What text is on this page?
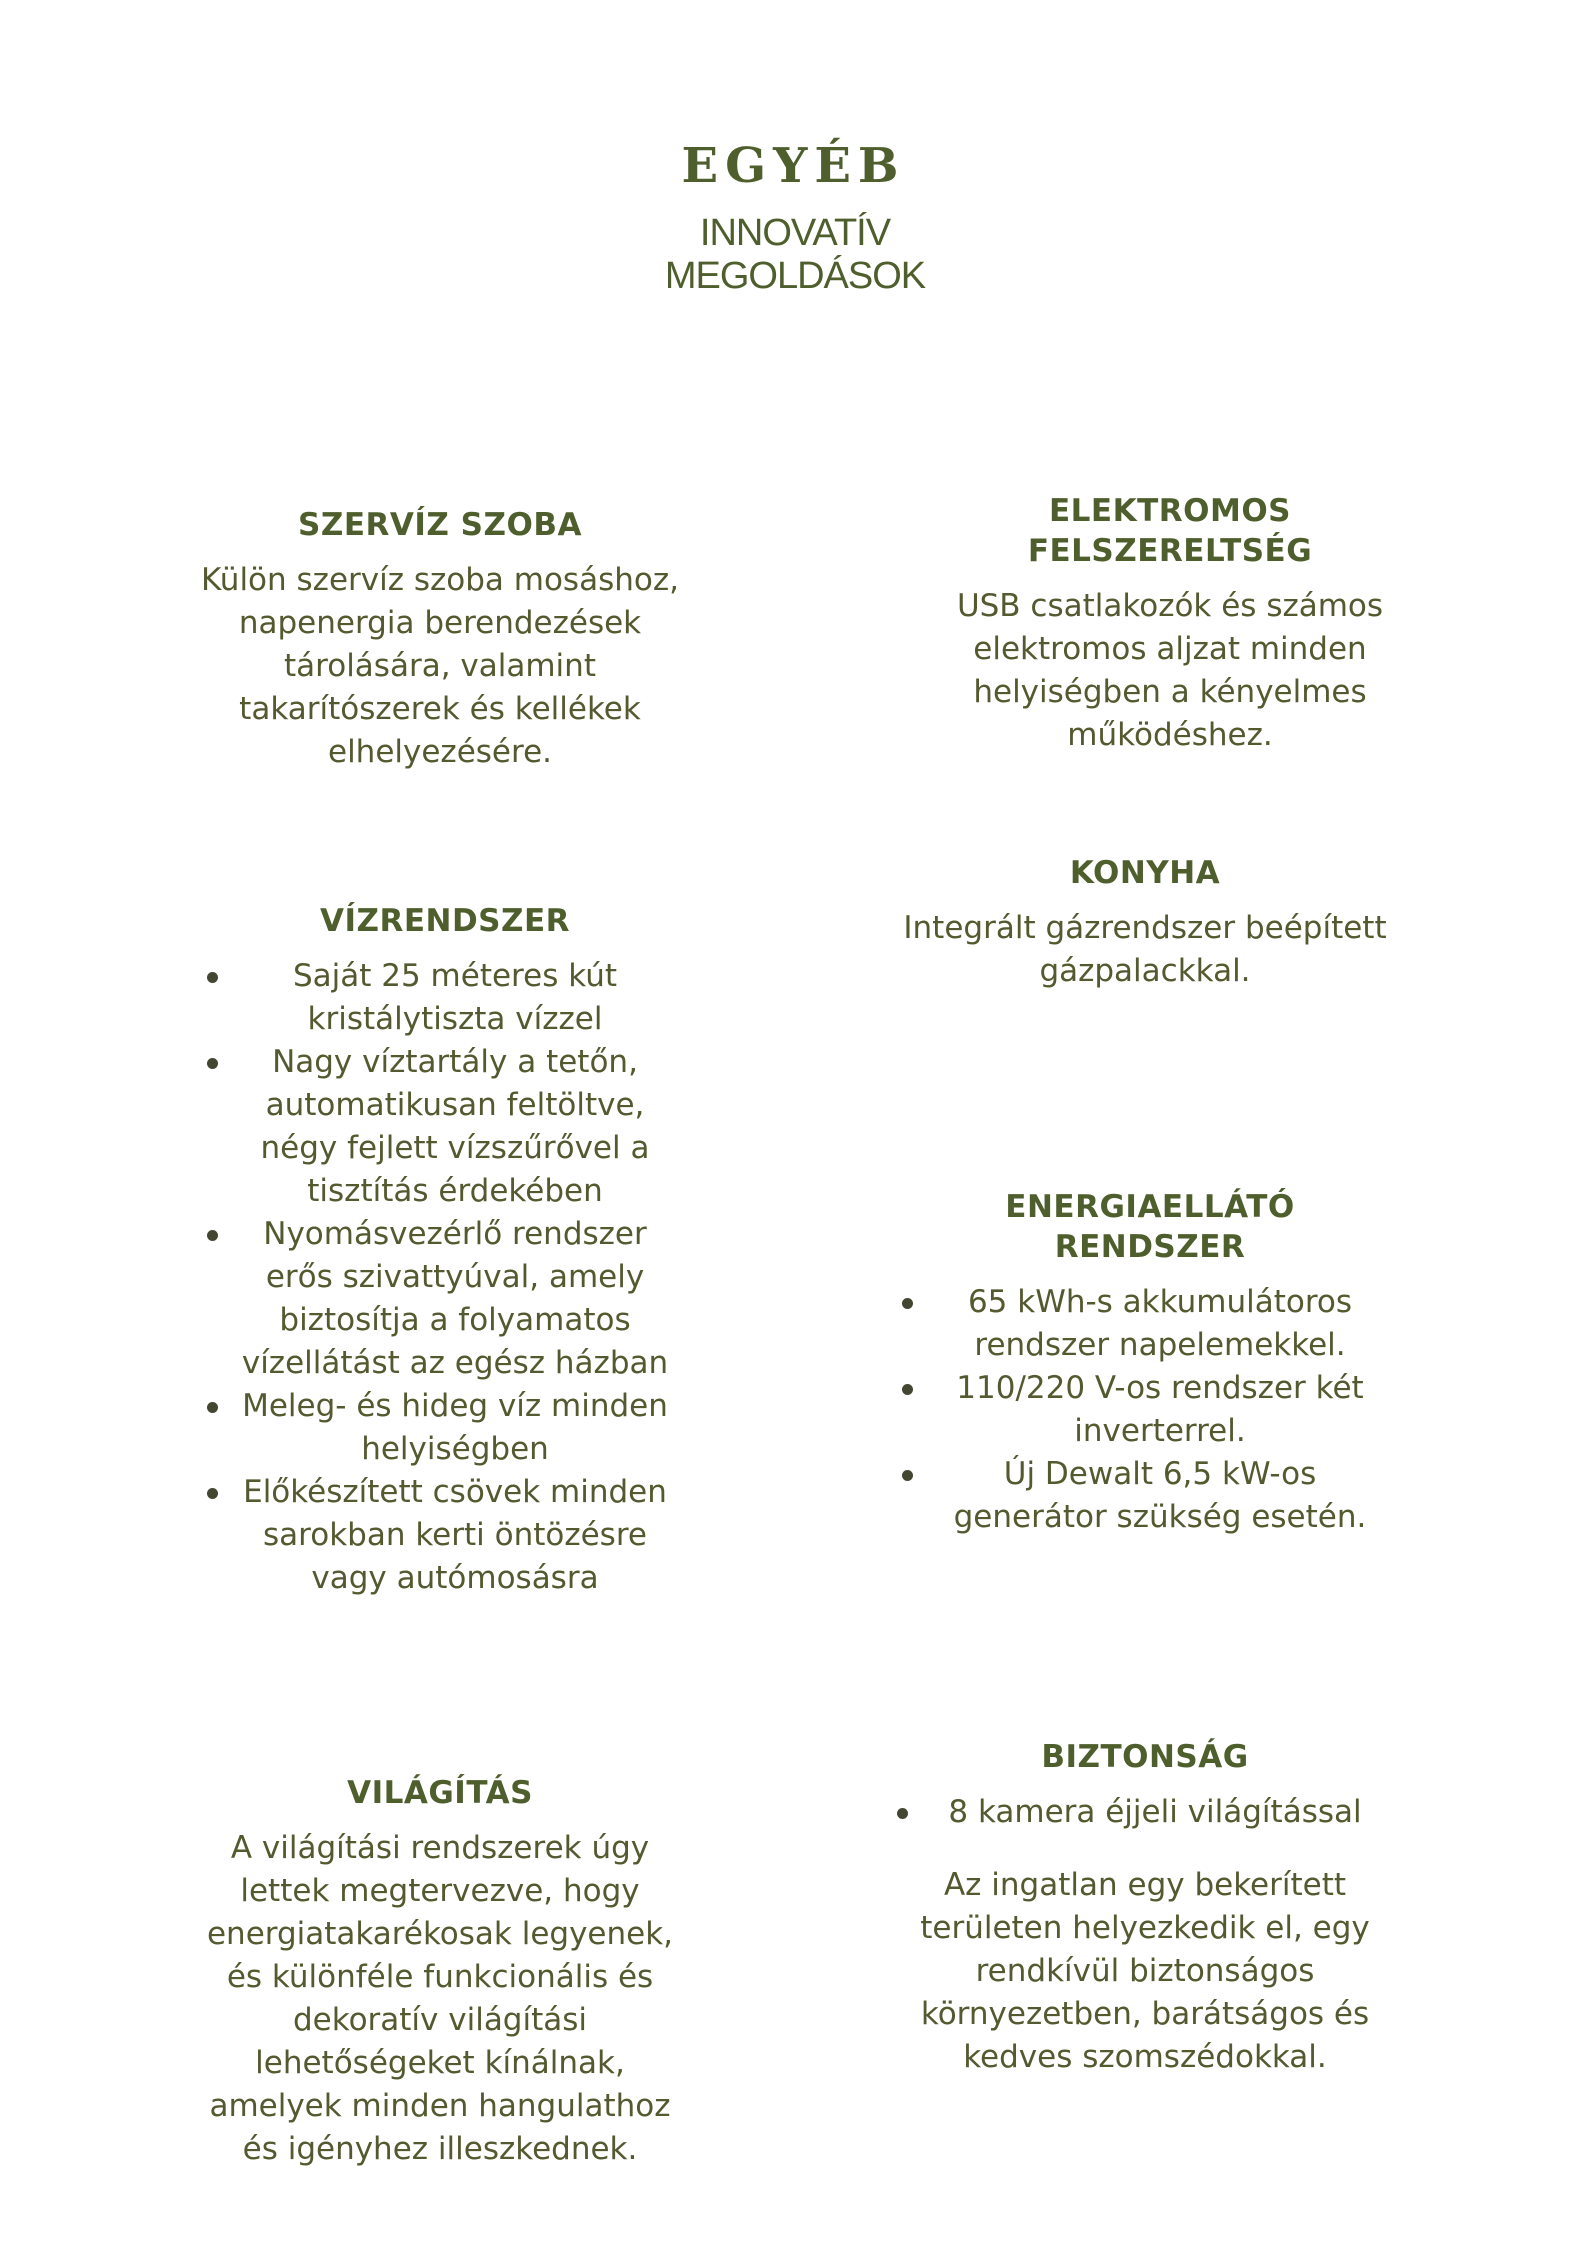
EGYÉB
INNOVATÍV MEGOLDÁSOK
SZERVÍZ SZOBA

Külön szervíz szoba mosáshoz,
napenergia berendezések
tárolására, valamint
takarítószerek és kellékek
elhelyezésére.

ELEKTROMOS FELSZERELTSÉG

USB csatlakozók és számos
elektromos aljzat minden
helyiségben a kényelmes
működéshez.

KONYHA

Integrált gázrendszer beépített
gázpalackkal.

VÍZRENDSZER
Saját 25 méteres kút kristálytiszta vízzel
Nagy víztartály a tetőn, automatikusan feltöltve, négy fejlett vízszűrővel a tisztítás érdekében
Nyomásvezérlő rendszer erős szivattyúval, amely biztosítja a folyamatos vízellátást az egész házban
Meleg- és hideg víz minden helyiségben
Előkészített csövek minden sarokban kerti öntözésre vagy autómosásra
ENERGIAELLÁTÓ RENDSZER
65 kWh-s akkumulátoros rendszer napelemekkel.
110/220 V-os rendszer két inverterrel.
Új Dewalt 6,5 kW-os generátor szükség esetén.
BIZTONSÁG
8 kamera éjjeli világítással

Az ingatlan egy bekerített
területen helyezkedik el, egy
rendkívül biztonságos
környezetben, barátságos és
kedves szomszédokkal.

VILÁGÍTÁS

A világítási rendszerek úgy
lettek megtervezve, hogy
energiatakarékosak legyenek,
és különféle funkcionális és
dekoratív világítási
lehetőségeket kínálnak,
amelyek minden hangulathoz
és igényhez illeszkednek.
